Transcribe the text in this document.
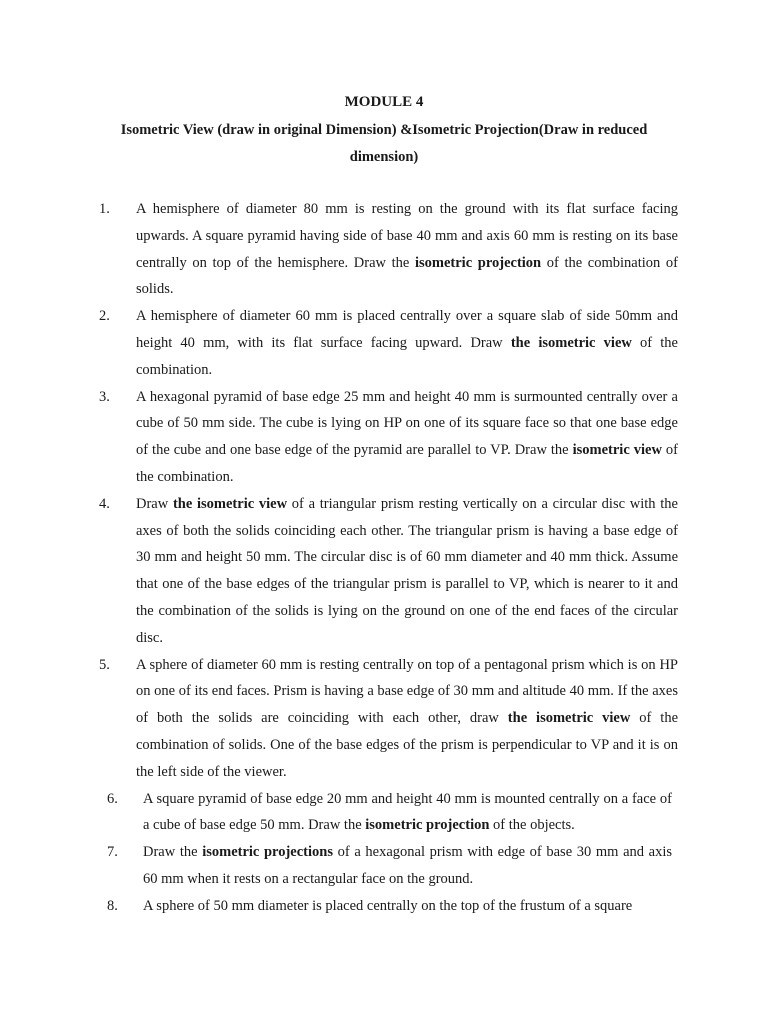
MODULE 4
Isometric View (draw in original Dimension) &Isometric Projection(Draw in reduced dimension)
1.	A hemisphere of diameter 80 mm is resting on the ground with its flat surface facing upwards. A square pyramid having side of base 40 mm and axis 60 mm is resting on its base centrally on top of the hemisphere. Draw the isometric projection of the combination of solids.
2.	A hemisphere of diameter 60 mm is placed centrally over a square slab of side 50mm and height 40 mm, with its flat surface facing upward. Draw the isometric view of the combination.
3.	A hexagonal pyramid of base edge 25 mm and height 40 mm is surmounted centrally over a cube of 50 mm side. The cube is lying on HP on one of its square face so that one base edge of the cube and one base edge of the pyramid are parallel to VP. Draw the isometric view of the combination.
4.	Draw the isometric view of a triangular prism resting vertically on a circular disc with the axes of both the solids coinciding each other. The triangular prism is having a base edge of 30 mm and height 50 mm. The circular disc is of 60 mm diameter and 40 mm thick. Assume that one of the base edges of the triangular prism is parallel to VP, which is nearer to it and the combination of the solids is lying on the ground on one of the end faces of the circular disc.
5.	A sphere of diameter 60 mm is resting centrally on top of a pentagonal prism which is on HP on one of its end faces. Prism is having a base edge of 30 mm and altitude 40 mm. If the axes of both the solids are coinciding with each other, draw the isometric view of the combination of solids. One of the base edges of the prism is perpendicular to VP and it is on the left side of the viewer.
6.	A square pyramid of base edge 20 mm and height 40 mm is mounted centrally on a face of a cube of base edge 50 mm. Draw the isometric projection of the objects.
7.	Draw the isometric projections of a hexagonal prism with edge of base 30 mm and axis 60 mm when it rests on a rectangular face on the ground.
8.	A sphere of 50 mm diameter is placed centrally on the top of the frustum of a square
